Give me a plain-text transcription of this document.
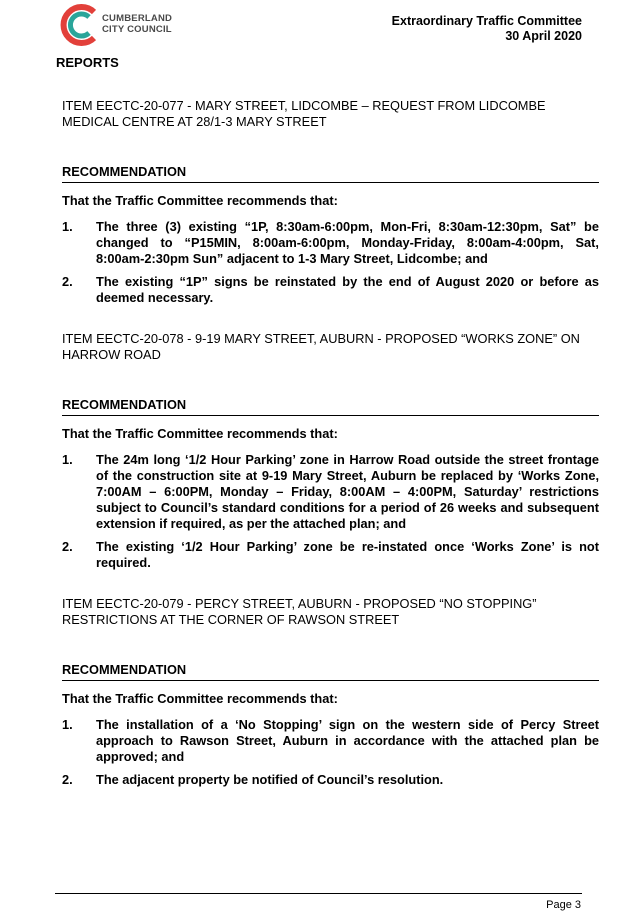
CUMBERLAND
CITY COUNCIL
Extraordinary Traffic Committee
30 April 2020
REPORTS

ITEM EECTC-20-077 - MARY STREET, LIDCOMBE – REQUEST FROM LIDCOMBE MEDICAL CENTRE AT 28/1-3 MARY STREET

RECOMMENDATION

That the Traffic Committee recommends that:

1.	The three (3) existing “1P, 8:30am-6:00pm, Mon-Fri, 8:30am-12:30pm, Sat” be changed to “P15MIN, 8:00am-6:00pm, Monday-Friday, 8:00am-4:00pm, Sat, 8:00am-2:30pm Sun” adjacent to 1-3 Mary Street, Lidcombe; and
2.	The existing “1P” signs be reinstated by the end of August 2020 or before as deemed necessary.

ITEM EECTC-20-078 - 9-19 MARY STREET, AUBURN - PROPOSED “WORKS ZONE” ON HARROW ROAD

RECOMMENDATION

That the Traffic Committee recommends that:

1.	The 24m long ‘1/2 Hour Parking’ zone in Harrow Road outside the street frontage of the construction site at 9-19 Mary Street, Auburn be replaced by ‘Works Zone, 7:00AM – 6:00PM, Monday – Friday, 8:00AM – 4:00PM, Saturday’ restrictions subject to Council’s standard conditions for a period of 26 weeks and subsequent extension if required, as per the attached plan; and
2.	The existing ‘1/2 Hour Parking’ zone be re-instated once ‘Works Zone’ is not required.

ITEM EECTC-20-079 - PERCY STREET, AUBURN - PROPOSED “NO STOPPING” RESTRICTIONS AT THE CORNER OF RAWSON STREET

RECOMMENDATION

That the Traffic Committee recommends that:

1.	The installation of a ‘No Stopping’ sign on the western side of Percy Street approach to Rawson Street, Auburn in accordance with the attached plan be approved; and
2.	The adjacent property be notified of Council’s resolution.
Page 3
